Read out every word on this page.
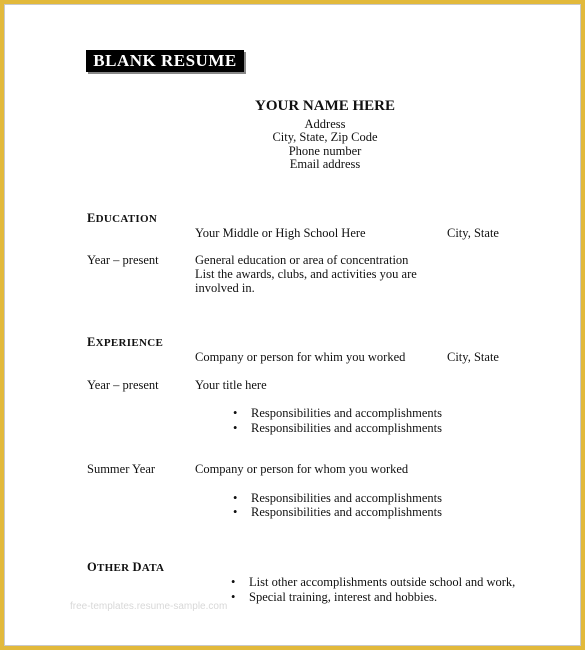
BLANK RESUME
YOUR NAME HERE
Address
City, State, Zip Code
Phone number
Email address
EDUCATION
Your Middle or High School Here	City, State
Year – present	General education or area of concentration
List the awards, clubs, and activities you are
involved in.
EXPERIENCE
Company or person for whim you worked	City, State
Year – present	Your title here
• Responsibilities and accomplishments
• Responsibilities and accomplishments
Summer Year	Company or person for whom you worked
• Responsibilities and accomplishments
• Responsibilities and accomplishments
OTHER DATA
• List other accomplishments outside school and work,
• Special training, interest and hobbies.
free-templates.resume-sample.com
